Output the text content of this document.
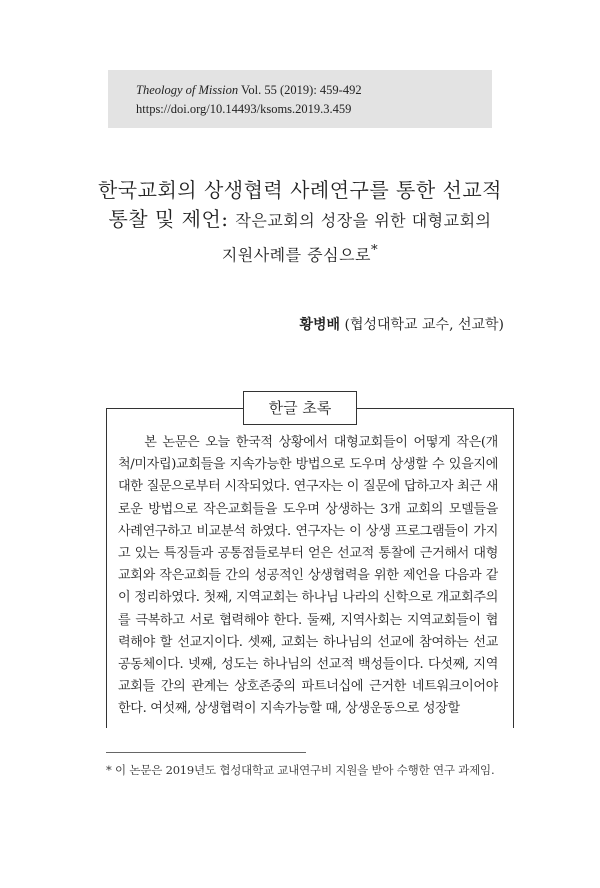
Theology of Mission Vol. 55 (2019): 459-492
https://doi.org/10.14493/ksoms.2019.3.459
한국교회의 상생협력 사례연구를 통한 선교적
통찰 및 제언: 작은교회의 성장을 위한 대형교회의
지원사례를 중심으로*
황병배 (협성대학교 교수, 선교학)
한글 초록
본 논문은 오늘 한국적 상황에서 대형교회들이 어떻게 작은(개척/미자립)교회들을 지속가능한 방법으로 도우며 상생할 수 있을지에 대한 질문으로부터 시작되었다. 연구자는 이 질문에 답하고자 최근 새로운 방법으로 작은교회들을 도우며 상생하는 3개 교회의 모델들을 사례연구하고 비교분석 하였다. 연구자는 이 상생 프로그램들이 가지고 있는 특징들과 공통점들로부터 얻은 선교적 통찰에 근거해서 대형교회와 작은교회들 간의 성공적인 상생협력을 위한 제언을 다음과 같이 정리하였다. 첫째, 지역교회는 하나님 나라의 신학으로 개교회주의를 극복하고 서로 협력해야 한다. 둘째, 지역사회는 지역교회들이 협력해야 할 선교지이다. 셋째, 교회는 하나님의 선교에 참여하는 선교공동체이다. 넷째, 성도는 하나님의 선교적 백성들이다. 다섯째, 지역교회들 간의 관계는 상호존중의 파트너십에 근거한 네트워크이어야 한다. 여섯째, 상생협력이 지속가능할 때, 상생운동으로 성장할
* 이 논문은 2019년도 협성대학교 교내연구비 지원을 받아 수행한 연구 과제임.
